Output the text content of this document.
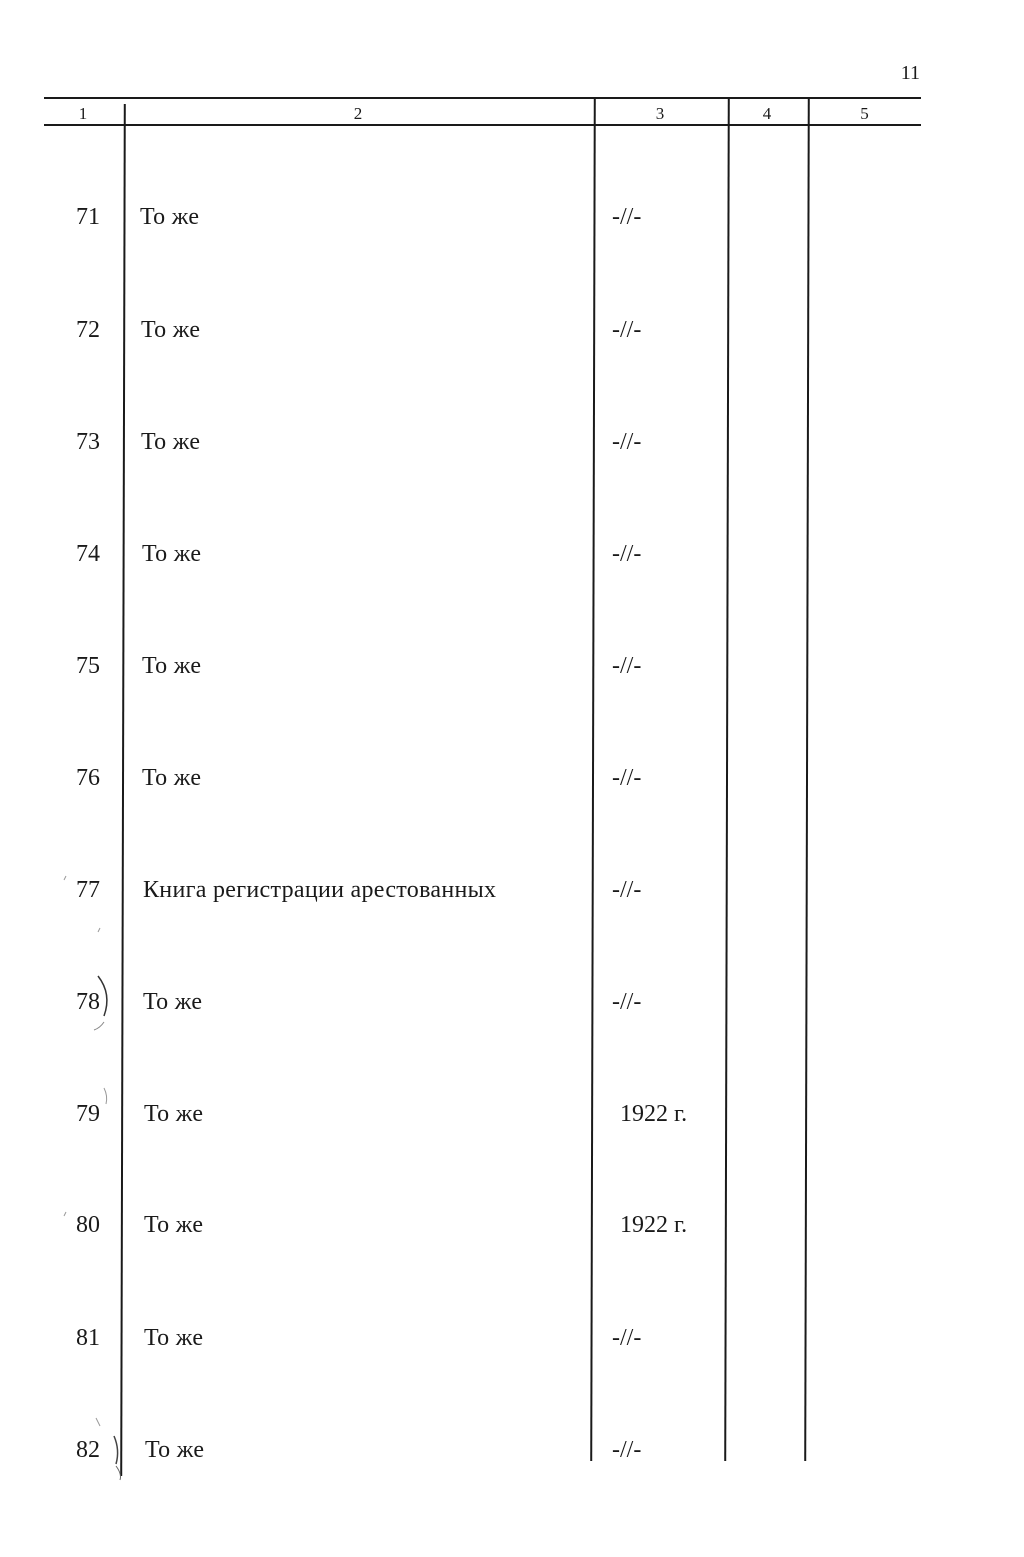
11
1	2	3	4	5
71 То же	-//-
72 То же	-//-
73 То же	-//-
74 То же	-//-
75 То же	-//-
76 То же	-//-
77 Книга регистрации арестованных	-//-
78 То же	-//-
79 То же	1922 г.
80 То же	1922 г.
81 То же	-//-
82 То же	-//-
